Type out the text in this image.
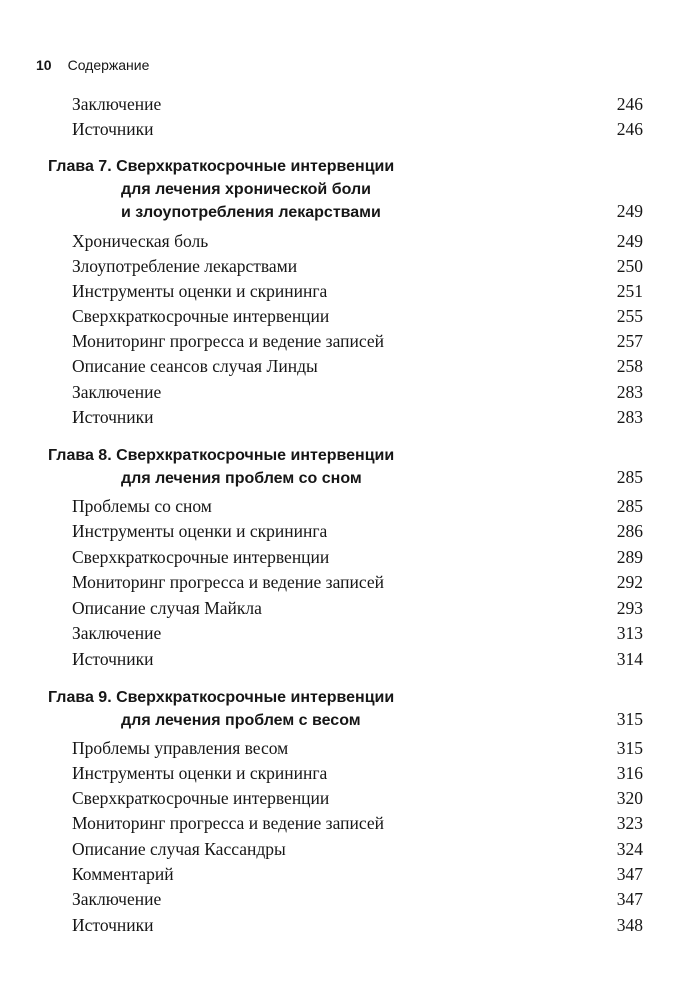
10 Содержание
Заключение	246
Источники	246
Глава 7. Сверхкраткосрочные интервенции
для лечения хронической боли
и злоупотребления лекарствами	249
Хроническая боль	249
Злоупотребление лекарствами	250
Инструменты оценки и скрининга	251
Сверхкраткосрочные интервенции	255
Мониторинг прогресса и ведение записей	257
Описание сеансов случая Линды	258
Заключение	283
Источники	283
Глава 8. Сверхкраткосрочные интервенции
для лечения проблем со сном	285
Проблемы со сном	285
Инструменты оценки и скрининга	286
Сверхкраткосрочные интервенции	289
Мониторинг прогресса и ведение записей	292
Описание случая Майкла	293
Заключение	313
Источники	314
Глава 9. Сверхкраткосрочные интервенции
для лечения проблем с весом	315
Проблемы управления весом	315
Инструменты оценки и скрининга	316
Сверхкраткосрочные интервенции	320
Мониторинг прогресса и ведение записей	323
Описание случая Кассандры	324
Комментарий	347
Заключение	347
Источники	348
